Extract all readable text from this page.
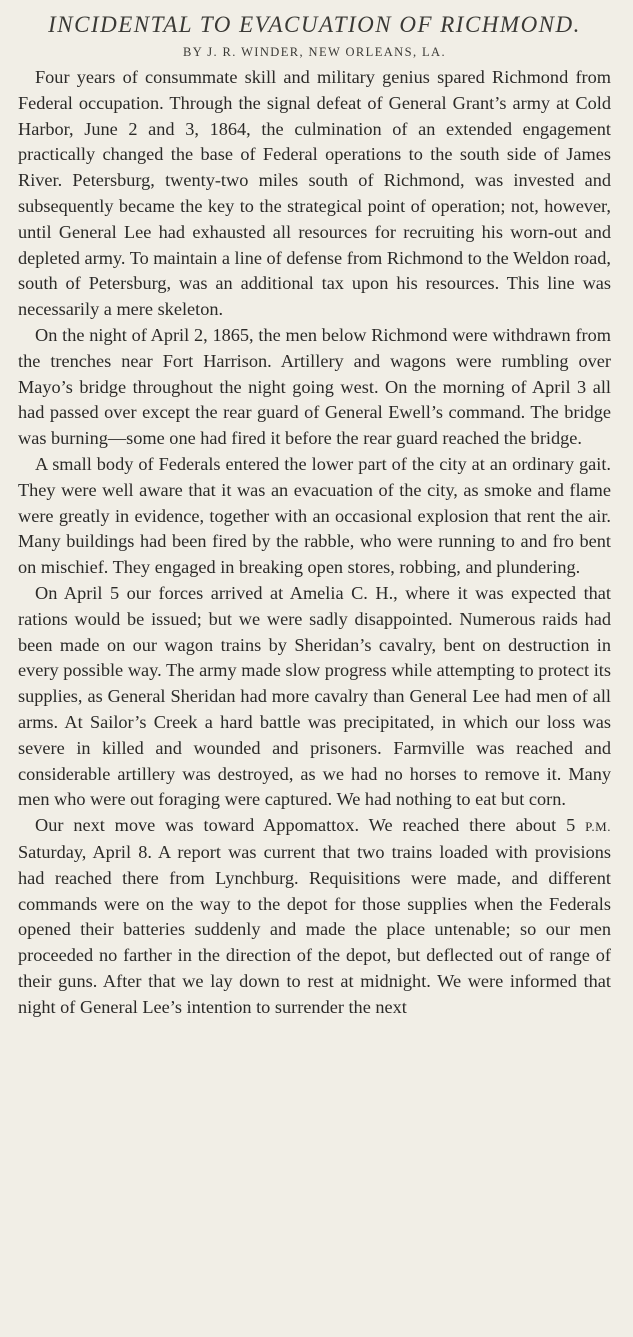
INCIDENTAL TO EVACUATION OF RICHMOND.
BY J. R. WINDER, NEW ORLEANS, LA.

Four years of consummate skill and military genius spared Richmond from Federal occupation. Through the signal defeat of General Grant’s army at Cold Harbor, June 2 and 3, 1864, the culmination of an extended engagement practically changed the base of Federal operations to the south side of James River. Petersburg, twenty-two miles south of Richmond, was invested and subsequently became the key to the strategical point of operation; not, however, until General Lee had exhausted all resources for recruiting his worn-out and depleted army. To maintain a line of defense from Richmond to the Weldon road, south of Petersburg, was an additional tax upon his resources. This line was necessarily a mere skeleton.

On the night of April 2, 1865, the men below Richmond were withdrawn from the trenches near Fort Harrison. Artillery and wagons were rumbling over Mayo’s bridge throughout the night going west. On the morning of April 3 all had passed over except the rear guard of General Ewell’s command. The bridge was burning—some one had fired it before the rear guard reached the bridge.

A small body of Federals entered the lower part of the city at an ordinary gait. They were well aware that it was an evacuation of the city, as smoke and flame were greatly in evidence, together with an occasional explosion that rent the air. Many buildings had been fired by the rabble, who were running to and fro bent on mischief. They engaged in breaking open stores, robbing, and plundering.

On April 5 our forces arrived at Amelia C. H., where it was expected that rations would be issued; but we were sadly disappointed. Numerous raids had been made on our wagon trains by Sheridan’s cavalry, bent on destruction in every possible way. The army made slow progress while attempting to protect its supplies, as General Sheridan had more cavalry than General Lee had men of all arms. At Sailor’s Creek a hard battle was precipitated, in which our loss was severe in killed and wounded and prisoners. Farmville was reached and considerable artillery was destroyed, as we had no horses to remove it. Many men who were out foraging were captured. We had nothing to eat but corn.

Our next move was toward Appomattox. We reached there about 5 P.M. Saturday, April 8. A report was current that two trains loaded with provisions had reached there from Lynchburg. Requisitions were made, and different commands were on the way to the depot for those supplies when the Federals opened their batteries suddenly and made the place untenable; so our men proceeded no farther in the direction of the depot, but deflected out of range of their guns. After that we lay down to rest at midnight. We were informed that night of General Lee’s intention to surrender the next
